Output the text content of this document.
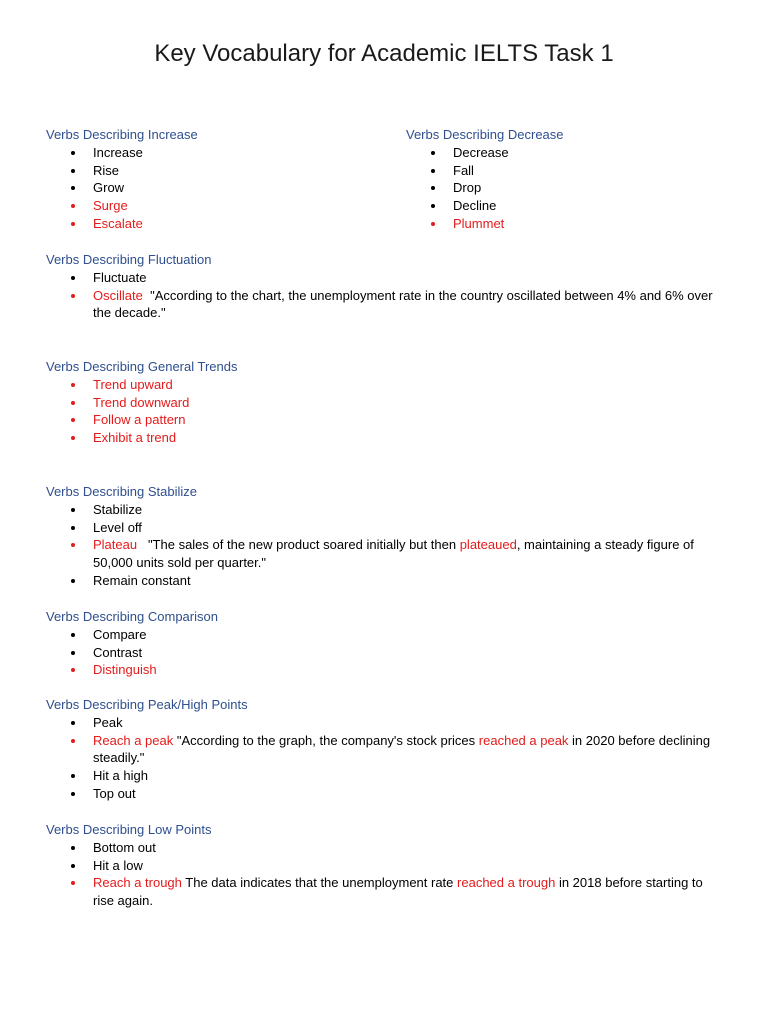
Key Vocabulary for Academic IELTS Task 1

Verbs Describing Increase

Increase
Rise
Grow
Surge
Escalate

Verbs Describing Decrease

Decrease
Fall
Drop
Decline
Plummet

Verbs Describing Fluctuation

Fluctuate
Oscillate "According to the chart, the unemployment rate in the country oscillated between 4% and 6% over the decade."

Verbs Describing General Trends

Trend upward
Trend downward
Follow a pattern
Exhibit a trend

Verbs Describing Stabilize

Stabilize
Level off
Plateau "The sales of the new product soared initially but then plateaued, maintaining a steady figure of 50,000 units sold per quarter."
Remain constant

Verbs Describing Comparison

Compare
Contrast
Distinguish

Verbs Describing Peak/High Points

Peak
Reach a peak "According to the graph, the company's stock prices reached a peak in 2020 before declining steadily."
Hit a high
Top out

Verbs Describing Low Points

Bottom out
Hit a low
Reach a trough The data indicates that the unemployment rate reached a trough in 2018 before starting to rise again.
